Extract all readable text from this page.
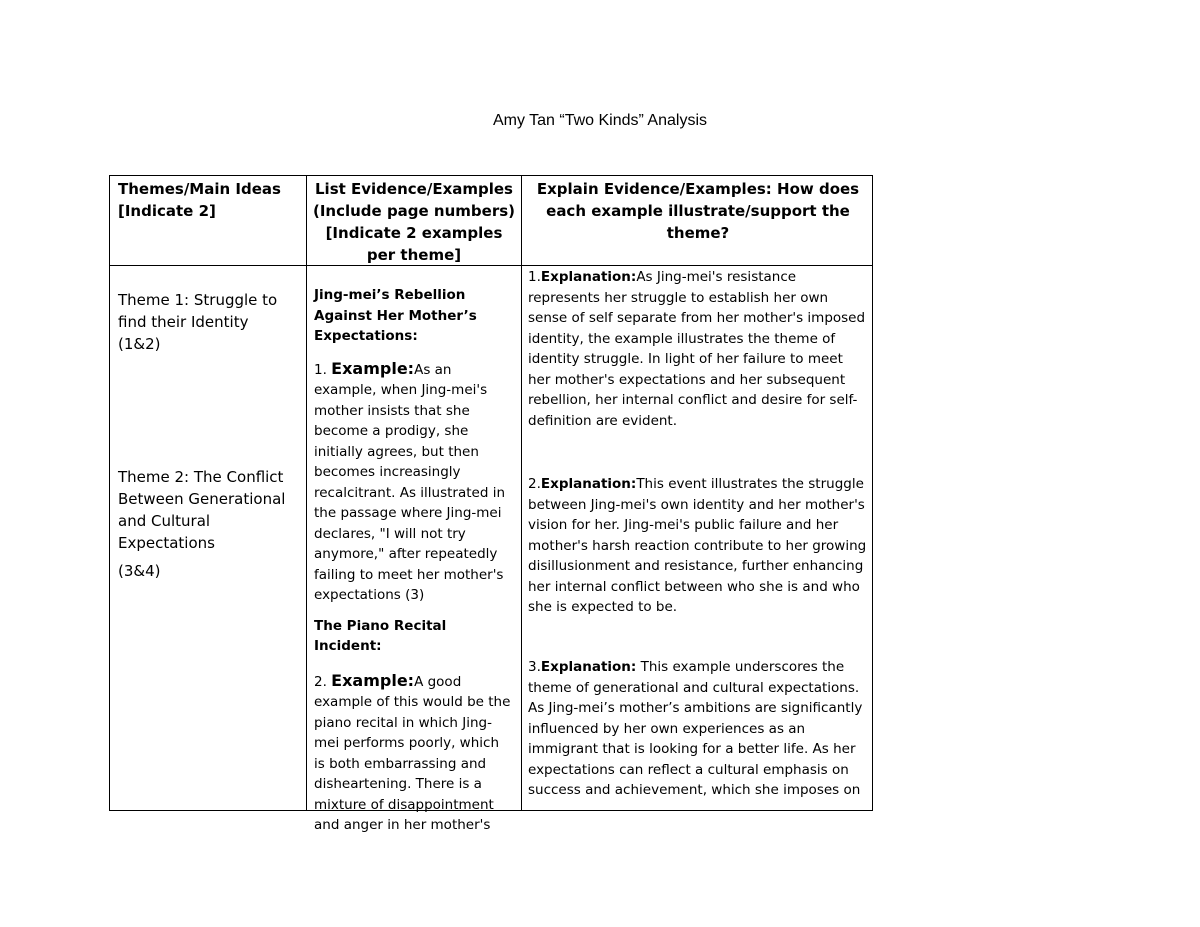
Amy Tan “Two Kinds” Analysis
Themes/Main Ideas [Indicate 2]
List Evidence/Examples (Include page numbers) [Indicate 2 examples per theme]
Explain Evidence/Examples: How does each example illustrate/support the theme?

Theme 1: Struggle to find their Identity

(1&2)

Theme 2: The Conflict Between Generational and Cultural Expectations

(3&4)

Jing-mei’s Rebellion Against Her Mother’s Expectations:

1. Example:As an example, when Jing-mei's mother insists that she become a prodigy, she initially agrees, but then becomes increasingly recalcitrant. As illustrated in the passage where Jing-mei declares, "I will not try anymore," after repeatedly failing to meet her mother's expectations (3)

The Piano Recital Incident:

2. Example:A good example of this would be the piano recital in which Jing-mei performs poorly, which is both embarrassing and disheartening. There is a mixture of disappointment and anger in her mother's

1.Explanation:As Jing-mei's resistance represents her struggle to establish her own sense of self separate from her mother's imposed identity, the example illustrates the theme of identity struggle. In light of her failure to meet her mother's expectations and her subsequent rebellion, her internal conflict and desire for self-definition are evident.

2.Explanation:This event illustrates the struggle between Jing-mei's own identity and her mother's vision for her. Jing-mei's public failure and her mother's harsh reaction contribute to her growing disillusionment and resistance, further enhancing her internal conflict between who she is and who she is expected to be.

3.Explanation: This example underscores the theme of generational and cultural expectations. As Jing-mei’s mother’s ambitions are significantly influenced by her own experiences as an immigrant that is looking for a better life. As her expectations can reflect a cultural emphasis on success and achievement, which she imposes on
